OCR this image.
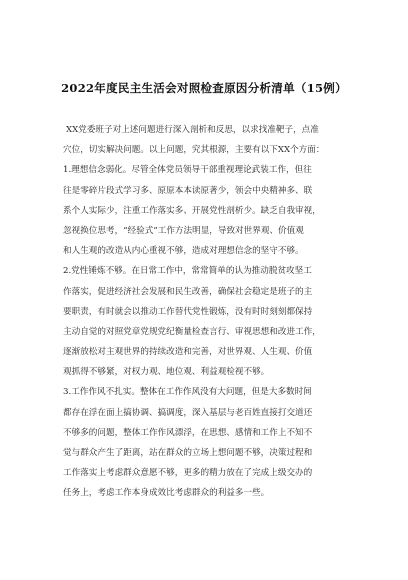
2022年度民主生活会对照检查原因分析清单（15例）
XX党委班子对上述问题进行深入剖析和反思，以求找准靶子，点准
穴位，切实解决问题。以上问题，究其根源，主要有以下XX个方面：
1.理想信念弱化。尽管全体党员领导干部重视理论武装工作，但往
往是零碎片段式学习多、原原本本读原著少，领会中央精神多、联
系个人实际少，注重工作落实多、开展党性剖析少。缺乏自我审视，
忽视换位思考，“经验式”工作方法明显，导致对世界观、价值观
和人生观的改造从内心重视不够，造成对理想信念的坚守不够。
2.党性锤炼不够。在日常工作中，常常简单的认为推动脱贫攻坚工
作落实，促进经济社会发展和民生改善，确保社会稳定是班子的主
要职责，有时就会以推动工作替代党性锻炼，没有时时刻刻都保持
主动自觉的对照党章党规党纪衡量检查言行、审视思想和改进工作，
逐渐放松对主观世界的持续改造和完善，对世界观、人生观、价值
观抓得不够紧，对权力观、地位观、利益观检视不够。
3.工作作风不扎实。整体在工作作风没有大问题，但是大多数时间
都存在浮在面上搞协调、搞调度，深入基层与老百姓直接打交道还
不够多的问题，整体工作作风漂浮，在思想、感情和工作上不知不
觉与群众产生了距离，站在群众的立场上想问题不够，决策过程和
工作落实上考虑群众意愿不够，更多的精力放在了完成上级交办的
任务上，考虑工作本身成效比考虑群众的利益多一些。
